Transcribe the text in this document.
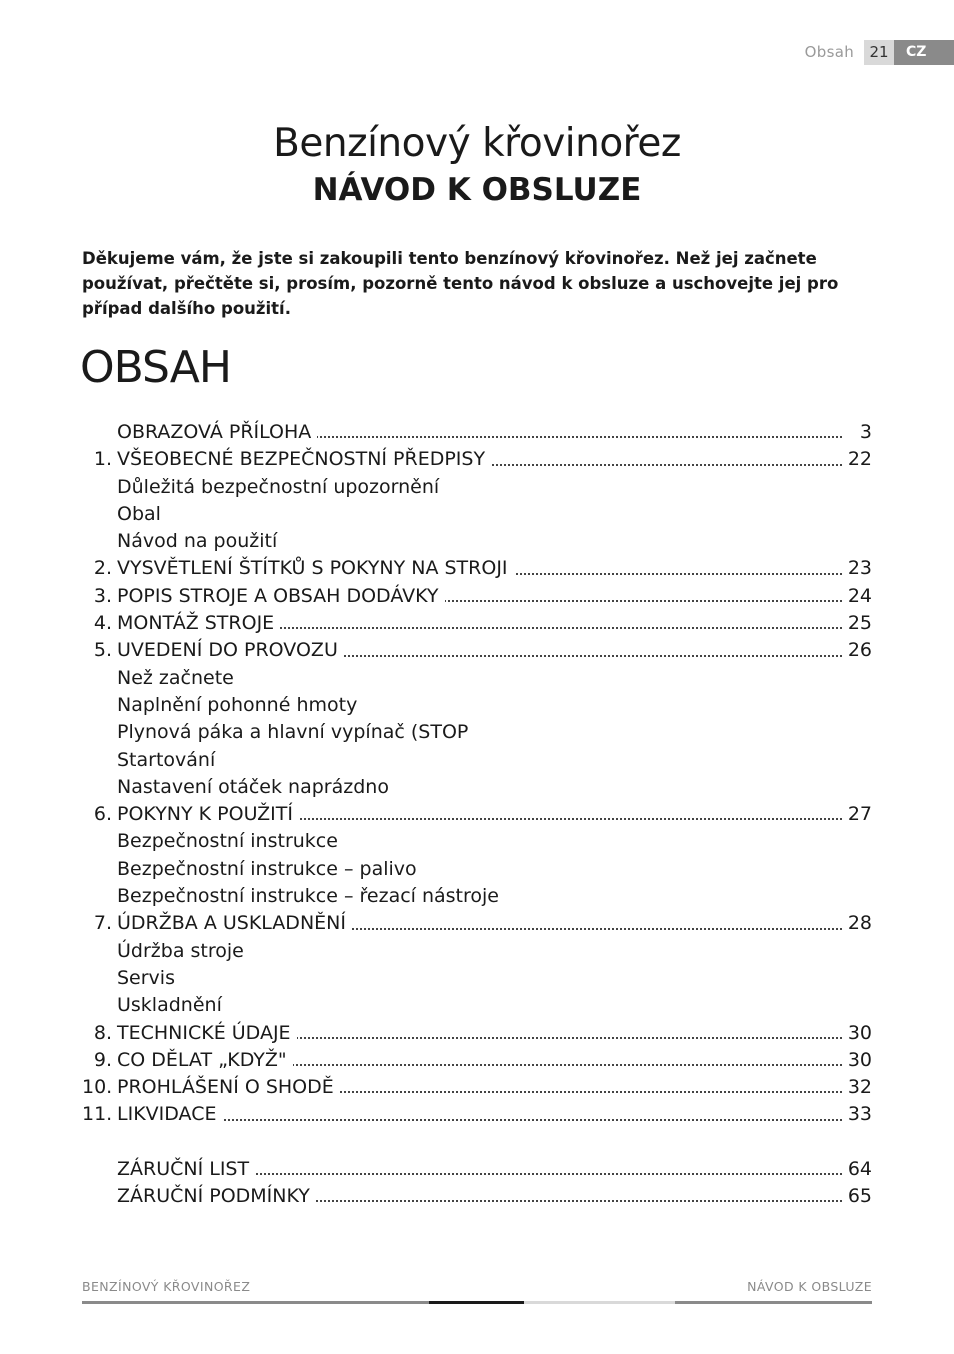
Obsah	21	CZ
Benzínový křovinořez
NÁVOD K OBSLUZE
Děkujeme vám, že jste si zakoupili tento benzínový křovinořez. Než jej začnete používat, přečtěte si, prosím, pozorně tento návod k obsluze a uschovejte jej pro případ dalšího použití.
OBSAH
OBRAZOVÁ PŘÍLOHA	3
1. VŠEOBECNÉ BEZPEČNOSTNÍ PŘEDPISY	22
Důležitá bezpečnostní upozornění
Obal
Návod na použití
2. VYSVĚTLENÍ ŠTÍTKŮ S POKYNY NA STROJI	23
3. POPIS STROJE A OBSAH DODÁVKY	24
4. MONTÁŽ STROJE	25
5. UVEDENÍ DO PROVOZU	26
Než začnete
Naplnění pohonné hmoty
Plynová páka a hlavní vypínač (STOP
Startování
Nastavení otáček naprázdno
6. POKYNY K POUŽITÍ	27
Bezpečnostní instrukce
Bezpečnostní instrukce – palivo
Bezpečnostní instrukce – řezací nástroje
7. ÚDRŽBA A USKLADNĚNÍ	28
Údržba stroje
Servis
Uskladnění
8. TECHNICKÉ ÚDAJE	30
9. CO DĚLAT „KDYŽ"	30
10. PROHLÁŠENÍ O SHODĚ	32
11. LIKVIDACE	33
ZÁRUČNÍ LIST	64
ZÁRUČNÍ PODMÍNKY	65
BENZÍNOVÝ KŘOVINOŘEZ	NÁVOD K OBSLUZE
